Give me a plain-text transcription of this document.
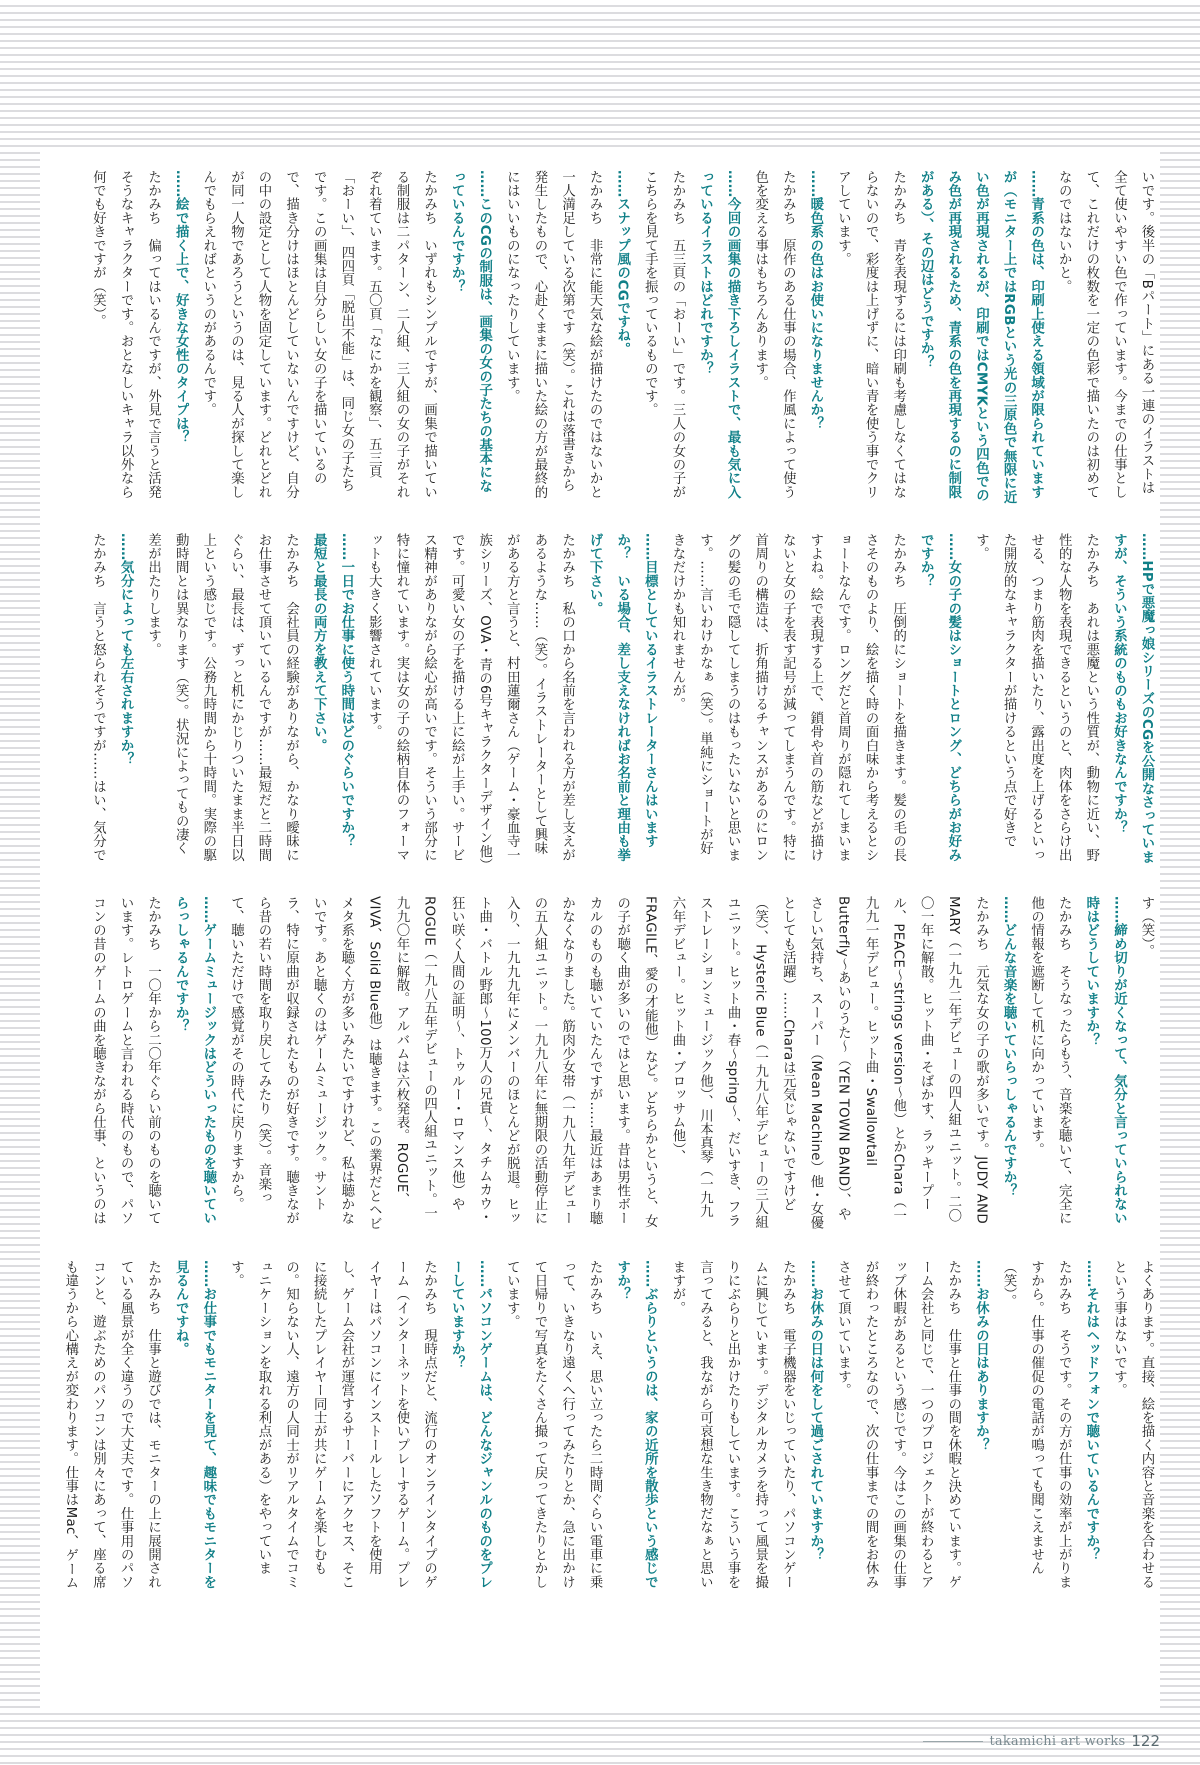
いです。後半の「Bパート」にある一連のイラストは全て使いやすい色で作っています。今までの仕事として、これだけの枚数を一定の色彩で描いたのは初めてなのではないかと。

……青系の色は、印刷上使える領域が限られていますが（モニター上ではRGBという光の三原色で無限に近い色が再現されるが、印刷ではCMYKという四色でのみ色が再現されるため、青系の色を再現するのに制限がある）、その辺はどうですか？

たかみち　青を表現するには印刷も考慮しなくてはならないので、彩度は上げずに、暗い青を使う事でクリアしています。

……暖色系の色はお使いになりませんか？

たかみち　原作のある仕事の場合、作風によって使う色を変える事はもちろんあります。

……今回の画集の描き下ろしイラストで、最も気に入っているイラストはどれですか？

たかみち　五三頁の「おーい」です。三人の女の子がこちらを見て手を振っているものです。

……スナップ風のCGですね。

たかみち　非常に能天気な絵が描けたのではないかと一人満足している次第です（笑）。これは落書きから発生したもので、心赴くままに描いた絵の方が最終的にはいいものになったりしています。

……このCGの制服は、画集の女の子たちの基本になっているんですか？

たかみち　いずれもシンプルですが、画集で描いている制服は二パターン、二人組、三人組の女の子がそれぞれ着ています。五〇頁「なにかを観察」、五三頁「おーい」、四四頁「脱出不能」は、同じ女の子たちです。この画集は自分らしい女の子を描いているので、描き分けはほとんどしていないんですけど、自分の中の設定として人物を固定しています。どれとどれが同一人物であろうというのは、見る人が探して楽しんでもらえればというのがあるんです。

……絵で描く上で、好きな女性のタイプは？

たかみち　偏ってはいるんですが、外見で言うと活発そうなキャラクターです。おとなしいキャラ以外なら何でも好きですが（笑）。

……HPで悪魔っ娘シリーズのCGを公開なさっていますが、そういう系統のものもお好きなんですか？

たかみち　あれは悪魔という性質が、動物に近い、野性的な人物を表現できるというのと、肉体をさらけ出せる、つまり筋肉を描いたり、露出度を上げるといった開放的なキャラクターが描けるという点で好きです。

……女の子の髪はショートとロング、どちらがお好みですか？

たかみち　圧倒的にショートを描きます。髪の毛の長さそのものより、絵を描く時の面白味から考えるとショートなんです。ロングだと首周りが隠れてしまいますよね。絵で表現する上で、鎖骨や首の筋などが描けないと女の子を表す記号が減ってしまうんです。特に首周りの構造は、折角描けるチャンスがあるのにロングの髪の毛で隠してしまうのはもったいないと思います。……言いわけかなぁ（笑）。単純にショートが好きなだけかも知れませんが。

……目標としているイラストレーターさんはいますか？　いる場合、差し支えなければお名前と理由も挙げて下さい。

たかみち　私の口から名前を言われる方が差し支えがあるような……（笑）。イラストレーターとして興味がある方と言うと、村田蓮爾さん（ゲーム・豪血寺一族シリーズ、OVA・青の6号キャラクターデザイン他）です。可愛い女の子を描ける上に絵が上手い。サービス精神がありながら絵心が高いです。そういう部分に特に憧れています。実は女の子の絵柄自体のフォーマットも大きく影響されています。

……一日でお仕事に使う時間はどのぐらいですか？　最短と最長の両方を教えて下さい。

たかみち　会社員の経験がありながら、かなり曖昧にお仕事させて頂いているんですが……最短だと二時間ぐらい、最長は、ずっと机にかじりついたまま半日以上という感じです。公務九時間から十時間。実際の駆動時間とは異なります（笑）。状況によってもの凄く差が出たりします。

……気分によっても左右されますか？

たかみち　言うと怒られそうですが……はい、気分で

す（笑）。

……締め切りが近くなって、気分と言っていられない時はどうしていますか？

たかみち　そうなったらもう、音楽を聴いて、完全に他の情報を遮断して机に向かっています。

……どんな音楽を聴いていらっしゃるんですか？

たかみち　元気な女の子の歌が多いです。JUDY AND MARY（一九九二年デビューの四人組ユニット。二〇〇一年に解散。ヒット曲・そばかす、ラッキープール、PEACE〜strings version〜他）とかChara（一九九一年デビュー。ヒット曲・Swallowtail Butterfly〜あいのうた〜（YEN TOWN BAND）、やさしい気持ち、スーパー（Mean Machine）他・女優としても活躍）……Charaは元気じゃないですけど（笑）、Hysteric Blue（一九九八年デビューの三人組ユニット。ヒット曲・春〜spring〜、だいすき、フラストレーションミュージック他）、川本真琴（一九九六年デビュー。ヒット曲・ブロッサム他）、FRAGILE、愛の才能他）など。どちらかというと、女の子が聴く曲が多いのではと思います。昔は男性ボーカルのものも聴いていたんですが……最近はあまり聴かなくなりました。筋肉少女帯（一九八九年デビューの五人組ユニット。一九九八年に無期限の活動停止に入り、一九九九年にメンバーのほとんどが脱退。ヒット曲・バトル野郎〜100万人の兄貴〜、タチムカウ・狂い咲く人間の証明〜、トゥルー・ロマンス他）やROGUE（一九八五年デビューの四人組ユニット。一九九〇年に解散。アルバムは六枚発表。ROGUE、VIVA、Solid Blue他）は聴きます。この業界だとヘビメタ系を聴く方が多いみたいですけれど、私は聴かないです。あと聴くのはゲームミュージック。サントラ、特に原曲が収録されたものが好きです。聴きながら昔の若い時間を取り戻してみたり（笑）。音楽って、聴いただけで感覚がその時代に戻りますから。

……ゲームミュージックはどういったものを聴いていらっしゃるんですか？

たかみち　一〇年から二〇年ぐらい前のものを聴いています。レトロゲームと言われる時代のもので、パソコンの昔のゲームの曲を聴きながら仕事、というのは

よくあります。直接、絵を描く内容と音楽を合わせるという事はないです。

……それはヘッドフォンで聴いているんですか？

たかみち　そうです。その方が仕事の効率が上がりますから。仕事の催促の電話が鳴っても聞こえません（笑）。

……お休みの日はありますか？

たかみち　仕事と仕事の間を休暇と決めています。ゲーム会社と同じで、一つのプロジェクトが終わるとアップ休暇があるという感じです。今はこの画集の仕事が終わったところなので、次の仕事までの間をお休みさせて頂いています。

……お休みの日は何をして過ごされていますか？

たかみち　電子機器をいじっていたり、パソコンゲームに興じています。デジタルカメラを持って風景を撮りにぶらりと出かけたりもしています。こういう事を言ってみると、我ながら可哀想な生き物だなぁと思いますが。

……ぶらりというのは、家の近所を散歩という感じですか？

たかみち　いえ、思い立ったら二時間ぐらい電車に乗って、いきなり遠くへ行ってみたりとか、急に出かけて日帰りで写真をたくさん撮って戻ってきたりとかしています。

……パソコンゲームは、どんなジャンルのものをプレーしていますか？

たかみち　現時点だと、流行のオンラインタイプのゲーム（インターネットを使いプレーするゲーム。プレイヤーはパソコンにインストールしたソフトを使用し、ゲーム会社が運営するサーバーにアクセス、そこに接続したプレイヤー同士が共にゲームを楽しむもの。知らない人、遠方の人同士がリアルタイムでコミュニケーションを取れる利点がある）をやっています。

……お仕事でもモニターを見て、趣味でもモニターを見るんですね。

たかみち　仕事と遊びでは、モニターの上に展開されている風景が全く違うので大丈夫です。仕事用のパソコンと、遊ぶためのパソコンは別々にあって、座る席も違うから心構えが変わります。仕事はMac、ゲーム

takamichi art works 122
